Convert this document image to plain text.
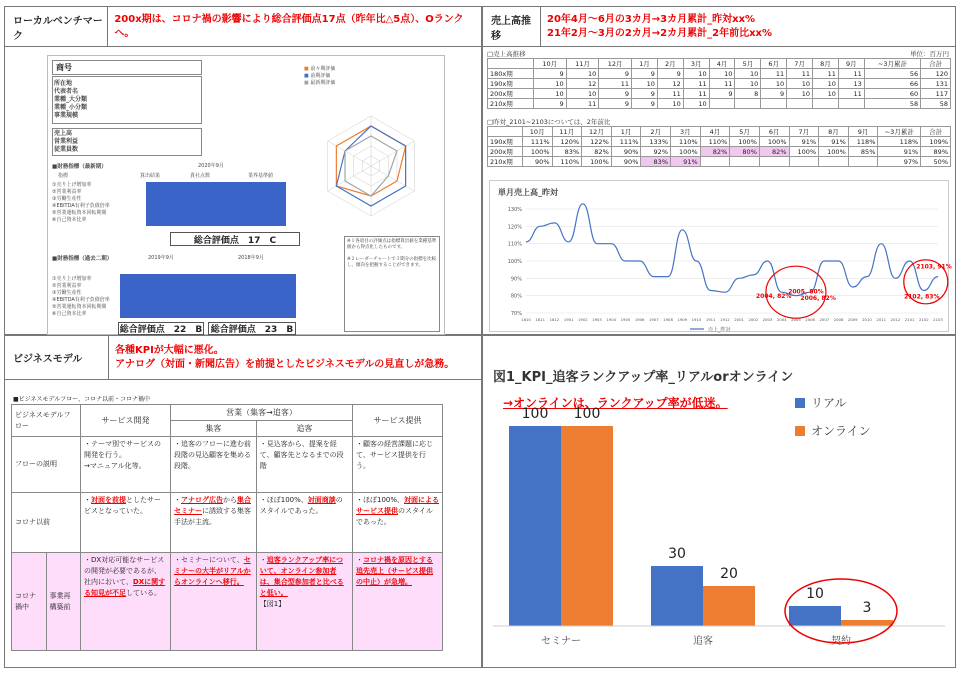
ローカルベンチマーク
200x期は、コロナ禍の影響により総合評価点17点（昨年比△5点）、Oランクへ。
商号
所在地
代表者名
業種_大分類
業種_小分類
事業規模
売上高
営業利益
従業員数
■財務指標（最新期）	2020年9月
指標	算出結果	貴社点数	業界基準値
①売り上げ増加率
②営業利益率
③労働生産性
④EBITDA有利子負債倍率
⑤営業運転資本回転期間
⑥自己資本比率
総合評価点　17　C
■財務指標（過去二期）	2019年9月	2018年9月
①売り上げ増加率
②営業利益率
③労働生産性
④EBITDA有利子負債倍率
⑤営業運転資本回転期間
⑥自己資本比率
総合評価点　22　B 総合評価点　23　B
■ 前々期評価
■ 前期評価
■ 最新期評価
※１各項目の評価点は指標算出値を業種基準値から得点化したものです。
※２レーダーチャートで３期分の指標を比較し、傾向を把握することができます。
売上高推移
20年4月～6月の3カ月→3カ月累計_昨対xx%
21年2月～3月の2カ月→2カ月累計_2年前比xx%
□売上高推移	単位：百万円
	10月	11月	12月	1月	2月	3月	4月	5月	6月	7月	8月	9月	~3月累計	合計
180x期	9	10	9	9	9	10	10	10	11	11	11	11	56	120
190x期	10	12	11	10	12	11	11	10	10	10	10	13	66	131
200x期	10	10	9	9	11	11	9	8	9	10	10	11	60	117
210x期	9	11	9	9	10	10							58	58
□昨対_2101~2103については、2年前比
	10月	11月	12月	1月	2月	3月	4月	5月	6月	7月	8月	9月	~3月累計	合計
190x期	111%	120%	122%	111%	133%	110%	110%	100%	100%	91%	91%	118%	118%	109%
200x期	100%	83%	82%	90%	92%	100%	82%	80%	82%	100%	100%	85%	91%	89%
210x期	90%	110%	100%	90%	83%	91%							97%	50%
単月売上高_昨対
130%
120%
110%
100%
90%
80%
70%
1810 1811 1812 1901 1902 1903 1904 1905 1906 1907 1908 1909 1910 1911 1912 2001 2002 2003 2004 2005 2006 2007 2008 2009 2010 2011 2012 2101 2102 2103
2004, 82%
2005, 80%
2006, 82%
2103, 91%
2102, 83%
売上_昨対
ビジネスモデル
各種KPIが大幅に悪化。
アナログ（対面・新聞広告）を前提としたビジネスモデルの見直しが急務。
■ビジネスモデルフロー、コロナ以前・コロナ禍中
ビジネスモデルフロー		サービス開発	営業（集客→追客）		サービス提供
			集客	追客	
フローの説明		・テーマ別でサービスの開発を行う。
→マニュアル化等。	・追客のフローに進む前段階の見込顧客を集める段階。	・見込客から、提案を経て、顧客先となるまでの段階	・顧客の経営課題に応じて、サービス提供を行う。
コロナ以前		・対面を前提としたサービスとなっていた。	・アナログ広告から集合セミナーに誘致する集客手法が主流。	・ほぼ100%、対面商談のスタイルであった。	・ほぼ100%、対面によるサービス提供のスタイルであった。
コロナ禍中	事業再構築前	・DX対応可能なサービスの開発が必要であるが、社内において、DXに関する知見が不足している。	・セミナーについて、セミナーの大半がリアルからオンラインへ移行。	・追客ランクアップ率について、オンライン参加者は、集合型参加者と比べると低い。
【図1】	・コロナ禍を原因とする追先売上（サービス提供の中止）が急増。
図1_KPI_追客ランクアップ率_リアルorオンライン
→オンラインは、ランクアップ率が低迷。	リアル
オンライン
100 100
セミナー
30
20
追客
10
3
契約
